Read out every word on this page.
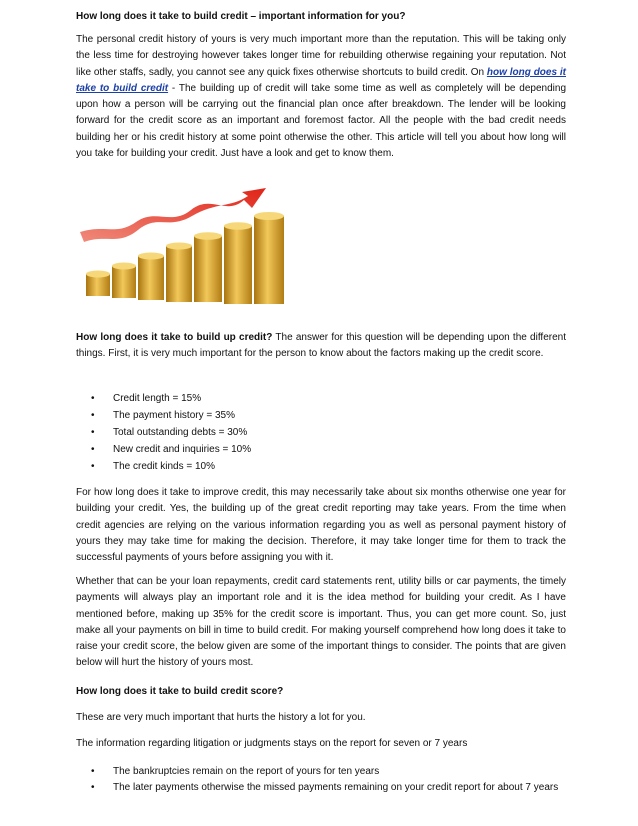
How long does it take to build credit – important information for you?

The personal credit history of yours is very much important more than the reputation. This will be taking only the less time for destroying however takes longer time for rebuilding otherwise regaining your reputation. Not like other staffs, sadly, you cannot see any quick fixes otherwise shortcuts to build credit. On how long does it take to build credit - The building up of credit will take some time as well as completely will be depending upon how a person will be carrying out the financial plan once after breakdown. The lender will be looking forward for the credit score as an important and foremost factor. All the people with the bad credit needs building her or his credit history at some point otherwise the other. This article will tell you about how long will you take for building your credit. Just have a look and get to know them.

How long does it take to build up credit? The answer for this question will be depending upon the different things. First, it is very much important for the person to know about the factors making up the credit score.

• Credit length = 15%
• The payment history = 35%
• Total outstanding debts = 30%
• New credit and inquiries = 10%
• The credit kinds = 10%

For how long does it take to improve credit, this may necessarily take about six months otherwise one year for building your credit. Yes, the building up of the great credit reporting may take years. From the time when credit agencies are relying on the various information regarding you as well as personal payment history of yours they may take time for making the decision. Therefore, it may take longer time for them to track the successful payments of yours before assigning you with it.

Whether that can be your loan repayments, credit card statements rent, utility bills or car payments, the timely payments will always play an important role and it is the idea method for building your credit. As I have mentioned before, making up 35% for the credit score is important. Thus, you can get more count. So, just make all your payments on bill in time to build credit. For making yourself comprehend how long does it take to raise your credit score, the below given are some of the important things to consider. The points that are given below will hurt the history of yours most.

How long does it take to build credit score?

These are very much important that hurts the history a lot for you.

The information regarding litigation or judgments stays on the report for seven or 7 years

• The bankruptcies remain on the report of yours for ten years
• The later payments otherwise the missed payments remaining on your credit report for about 7 years
